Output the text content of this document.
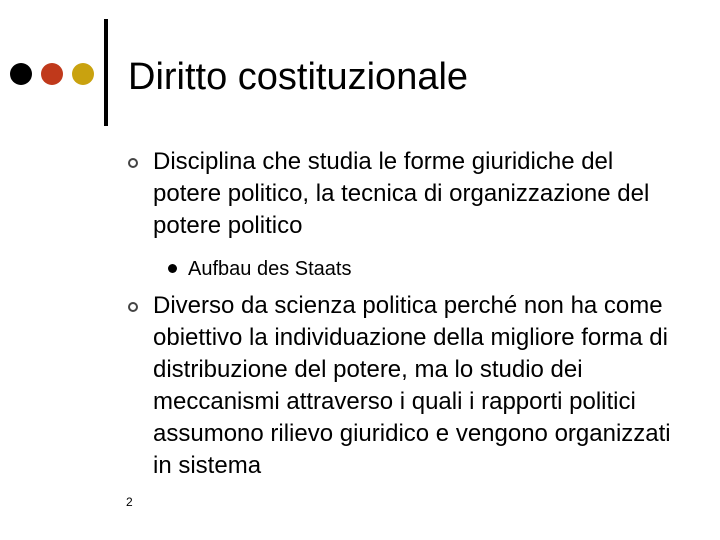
Diritto costituzionale
Disciplina che studia le forme giuridiche del potere politico, la tecnica di organizzazione del potere politico
Aufbau des Staats
Diverso da scienza politica perché non ha come obiettivo la individuazione della migliore forma di distribuzione del potere, ma lo studio dei meccanismi attraverso i quali i rapporti politici assumono rilievo giuridico e vengono organizzati in sistema
2
